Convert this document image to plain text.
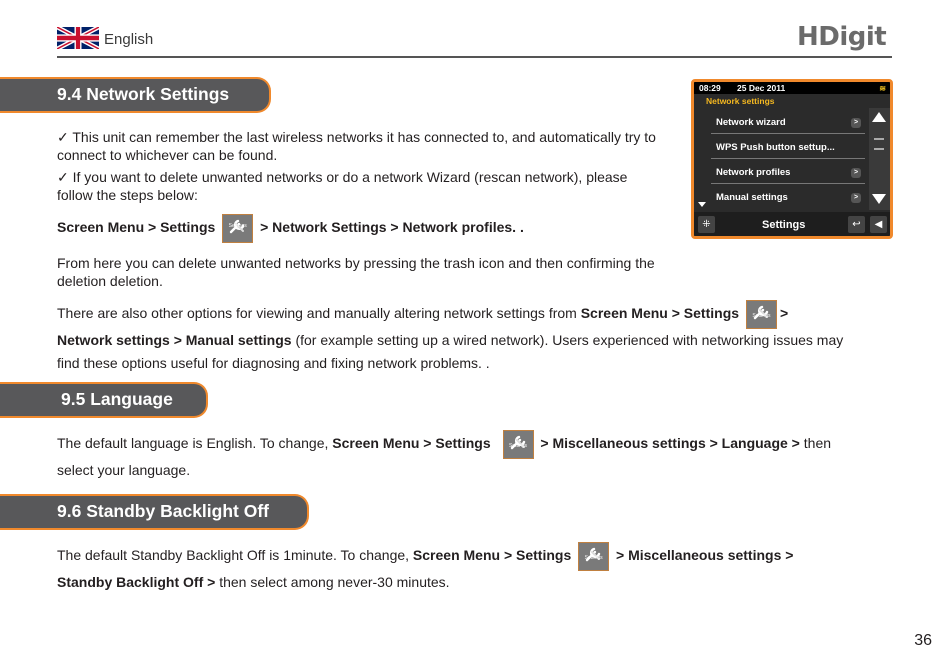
English	HDigit
9.4 Network Settings
✓ This unit can remember the last wireless networks it has connected to, and automatically try to connect to whichever can be found.
✓ If you want to delete unwanted networks or do a network Wizard (rescan network), please follow the steps below:
Screen Menu > Settings	Settings > Network Settings > Network profiles. .
From here you can delete unwanted networks by pressing the trash icon and then confirming the deletion deletion.
There are also other options for viewing and manually altering network settings from Screen Menu > Settings	Settings > Network settings > Manual settings (for example setting up a wired network). Users experienced with networking issues may find these options useful for diagnosing and fixing network problems. .
08:29 25 Dec 2011	≋
Network settings
Network wizard	>
WPS Push button settup...
Network profiles	>
Manual settings	>
⁜	Settings	↩	◀
9.5 Language
The default language is English. To change, Screen Menu > Settings	Settings > Miscellaneous settings > Language > then select your language.
9.6 Standby Backlight Off
The default Standby Backlight Off is 1minute. To change, Screen Menu > Settings	Settings > Miscellaneous settings > Standby Backlight Off > then select among never-30 minutes.
36
